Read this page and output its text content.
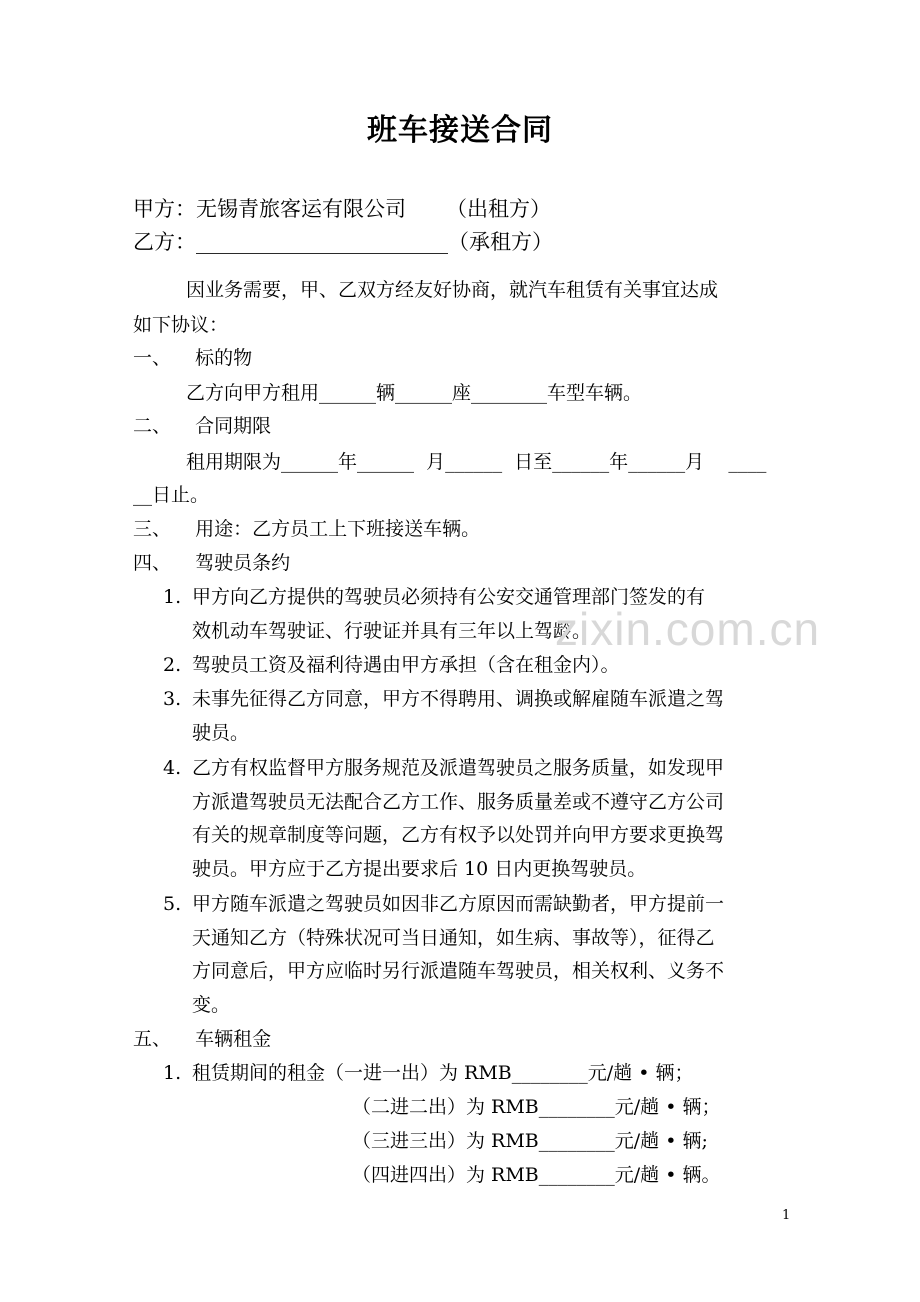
班车接送合同
甲方：无锡青旅客运有限公司      （出租方）
乙方：________________________（承租方）
因业务需要，甲、乙双方经友好协商，就汽车租赁有关事宜达成
如下协议：
一、    标的物
乙方向甲方租用______辆______座________车型车辆。
二、    合同期限
租用期限为______年______  月______  日至______年______月    ____
__日止。
三、    用途：乙方员工上下班接送车辆。
四、    驾驶员条约
1. 甲方向乙方提供的驾驶员必须持有公安交通管理部门签发的有
效机动车驾驶证、行驶证并具有三年以上驾龄。
2. 驾驶员工资及福利待遇由甲方承担（含在租金内）。
3. 未事先征得乙方同意，甲方不得聘用、调换或解雇随车派遣之驾
驶员。
4. 乙方有权监督甲方服务规范及派遣驾驶员之服务质量，如发现甲
方派遣驾驶员无法配合乙方工作、服务质量差或不遵守乙方公司
有关的规章制度等问题，乙方有权予以处罚并向甲方要求更换驾
驶员。甲方应于乙方提出要求后 10 日内更换驾驶员。
5. 甲方随车派遣之驾驶员如因非乙方原因而需缺勤者，甲方提前一
天通知乙方（特殊状况可当日通知，如生病、事故等），征得乙
方同意后，甲方应临时另行派遣随车驾驶员，相关权利、义务不
变。
五、    车辆租金
1. 租赁期间的租金（一进一出）为 RMB________元/趟 • 辆；
（二进二出）为 RMB________元/趟 • 辆；
（三进三出）为 RMB________元/趟 • 辆;
（四进四出）为 RMB________元/趟 • 辆。
zixin.com.cn
1
